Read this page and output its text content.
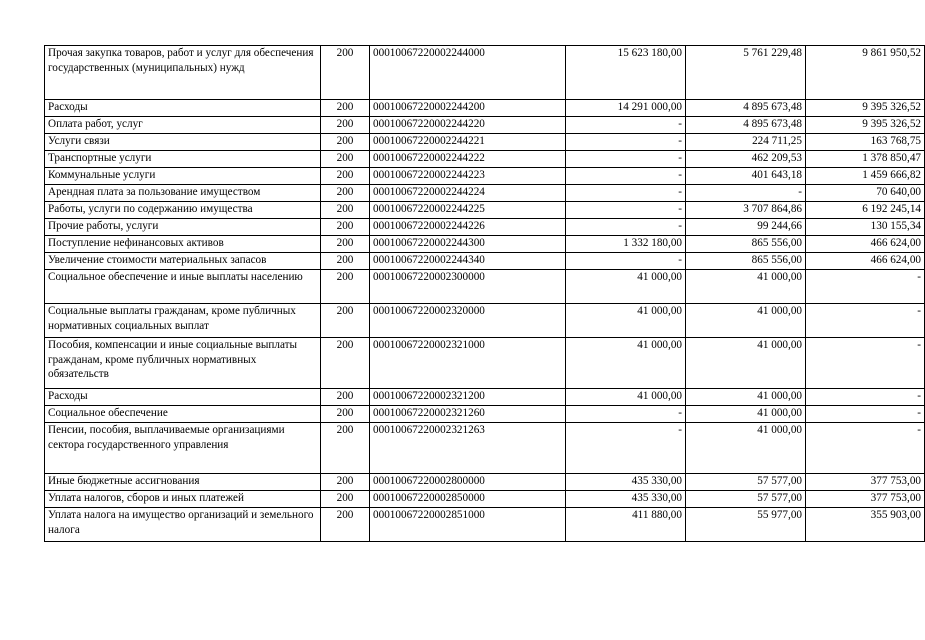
Прочая закупка товаров, работ и услуг для обеспечения государственных (муниципальных) нужд	200	00010067220002244000	15 623 180,00	5 761 229,48	9 861 950,52
Расходы	200	00010067220002244200	14 291 000,00	4 895 673,48	9 395 326,52
Оплата работ, услуг	200	00010067220002244220	-	4 895 673,48	9 395 326,52
Услуги связи	200	00010067220002244221	-	224 711,25	163 768,75
Транспортные услуги	200	00010067220002244222	-	462 209,53	1 378 850,47
Коммунальные услуги	200	00010067220002244223	-	401 643,18	1 459 666,82
Арендная плата за пользование имуществом	200	00010067220002244224	-	-	70 640,00
Работы, услуги по содержанию имущества	200	00010067220002244225	-	3 707 864,86	6 192 245,14
Прочие работы, услуги	200	00010067220002244226	-	99 244,66	130 155,34
Поступление нефинансовых активов	200	00010067220002244300	1 332 180,00	865 556,00	466 624,00
Увеличение стоимости материальных запасов	200	00010067220002244340	-	865 556,00	466 624,00
Социальное обеспечение и иные выплаты населению	200	00010067220002300000	41 000,00	41 000,00	-
Социальные выплаты гражданам, кроме публичных нормативных социальных выплат	200	00010067220002320000	41 000,00	41 000,00	-
Пособия, компенсации и иные социальные выплаты гражданам, кроме публичных нормативных обязательств	200	00010067220002321000	41 000,00	41 000,00	-
Расходы	200	00010067220002321200	41 000,00	41 000,00	-
Социальное обеспечение	200	00010067220002321260	-	41 000,00	-
Пенсии, пособия, выплачиваемые организациями сектора государственного управления	200	00010067220002321263	-	41 000,00	-
Иные бюджетные ассигнования	200	00010067220002800000	435 330,00	57 577,00	377 753,00
Уплата налогов, сборов и иных платежей	200	00010067220002850000	435 330,00	57 577,00	377 753,00
Уплата налога на имущество организаций и земельного налога	200	00010067220002851000	411 880,00	55 977,00	355 903,00
